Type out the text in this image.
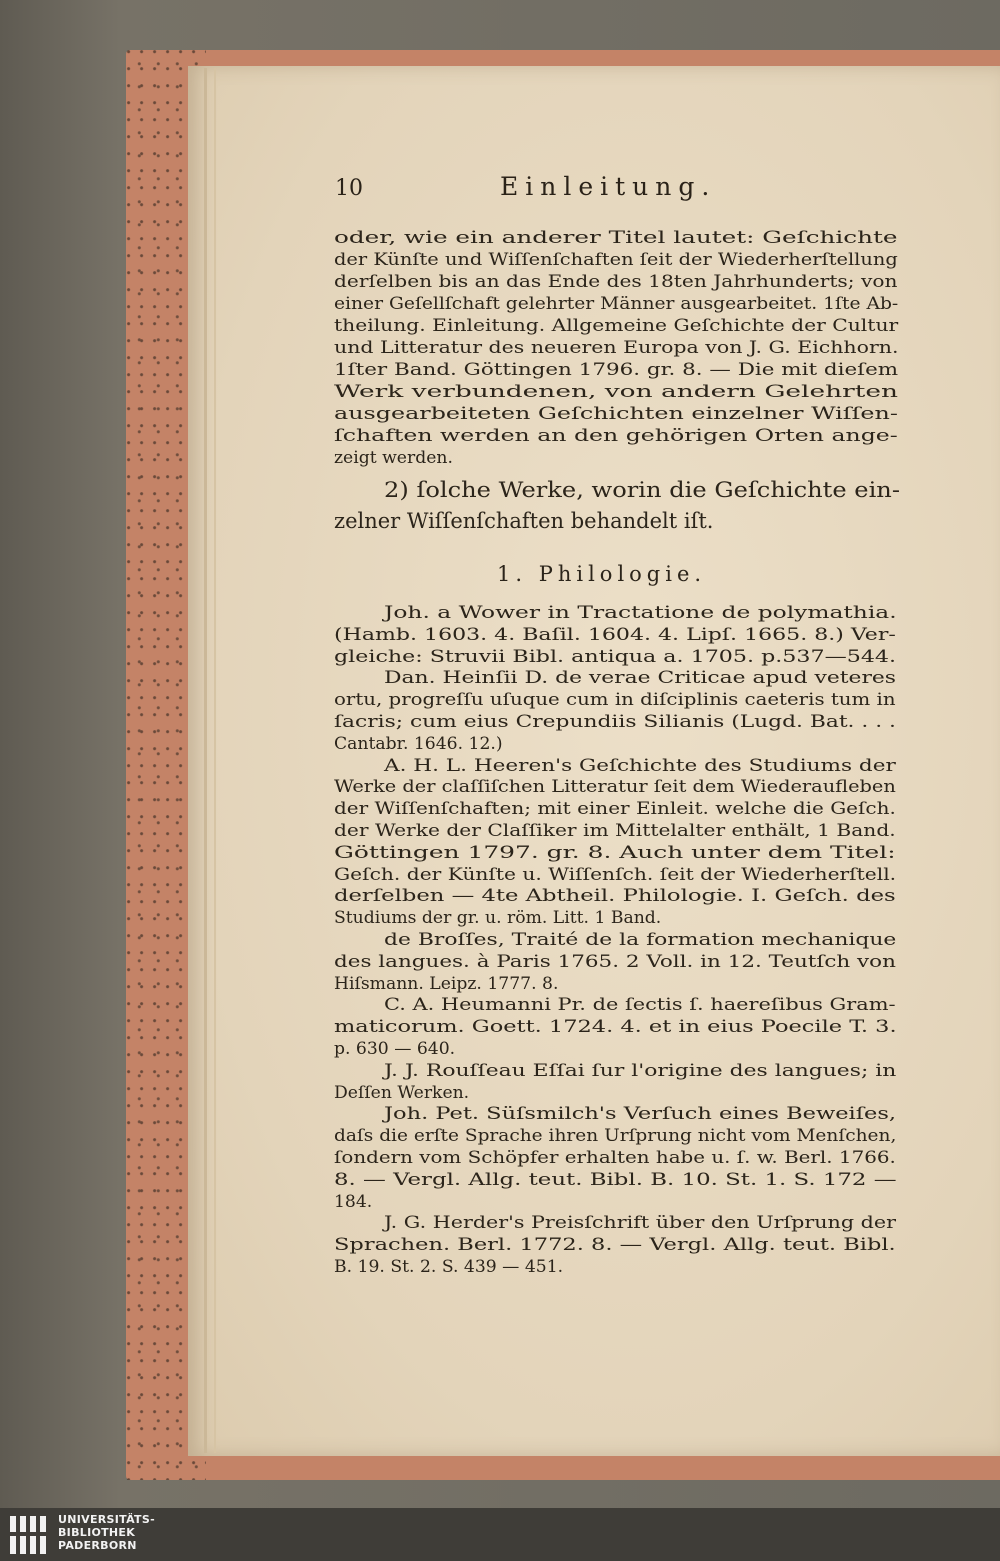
10	Einleitung.
oder, wie ein anderer Titel lautet: Geſchichte
der Künſte und Wiſſenſchaften ſeit der Wiederherſtellung
derſelben bis an das Ende des 18ten Jahrhunderts; von
einer Geſellſchaft gelehrter Männer ausgearbeitet. 1ſte Ab-
theilung. Einleitung. Allgemeine Geſchichte der Cultur
und Litteratur des neueren Europa von J. G. Eichhorn.
1ſter Band. Göttingen 1796. gr. 8. — Die mit dieſem
Werk verbundenen, von andern Gelehrten
ausgearbeiteten Geſchichten einzelner Wiſſen-
ſchaften werden an den gehörigen Orten ange-
zeigt werden.
2) ſolche Werke, worin die Geſchichte ein-
zelner Wiſſenſchaften behandelt iſt.
1. Philologie.
Joh. a Wower in Tractatione de polymathia.
(Hamb. 1603. 4. Baſil. 1604. 4. Lipſ. 1665. 8.) Ver-
gleiche: Struvii Bibl. antiqua a. 1705. p.537—544.
Dan. Heinſii D. de verae Criticae apud veteres
ortu, progreſſu uſuque cum in diſciplinis caeteris tum in
ſacris; cum eius Crepundiis Silianis (Lugd. Bat. . . .
Cantabr. 1646. 12.)
A. H. L. Heeren's Geſchichte des Studiums der
Werke der claſſiſchen Litteratur ſeit dem Wiederaufleben
der Wiſſenſchaften; mit einer Einleit. welche die Geſch.
der Werke der Claſſiker im Mittelalter enthält, 1 Band.
Göttingen 1797. gr. 8. Auch unter dem Titel:
Geſch. der Künſte u. Wiſſenſch. ſeit der Wiederherſtell.
derſelben — 4te Abtheil. Philologie. I. Geſch. des
Studiums der gr. u. röm. Litt. 1 Band.
de Broſſes, Traité de la formation mechanique
des langues. à Paris 1765. 2 Voll. in 12. Teutſch von
Hiſsmann. Leipz. 1777. 8.
C. A. Heumanni Pr. de ſectis ſ. haereſibus Gram-
maticorum. Goett. 1724. 4. et in eius Poecile T. 3.
p. 630 — 640.
J. J. Rouſſeau Eſſai ſur l'origine des langues; in
Deſſen Werken.
Joh. Pet. Süſsmilch's Verſuch eines Beweiſes,
daſs die erſte Sprache ihren Urſprung nicht vom Menſchen,
ſondern vom Schöpfer erhalten habe u. ſ. w. Berl. 1766.
8. — Vergl. Allg. teut. Bibl. B. 10. St. 1. S. 172 —
184.
J. G. Herder's Preisſchrift über den Urſprung der
Sprachen. Berl. 1772. 8. — Vergl. Allg. teut. Bibl.
B. 19. St. 2. S. 439 — 451.
UNIVERSITÄTS-
BIBLIOTHEK
PADERBORN
